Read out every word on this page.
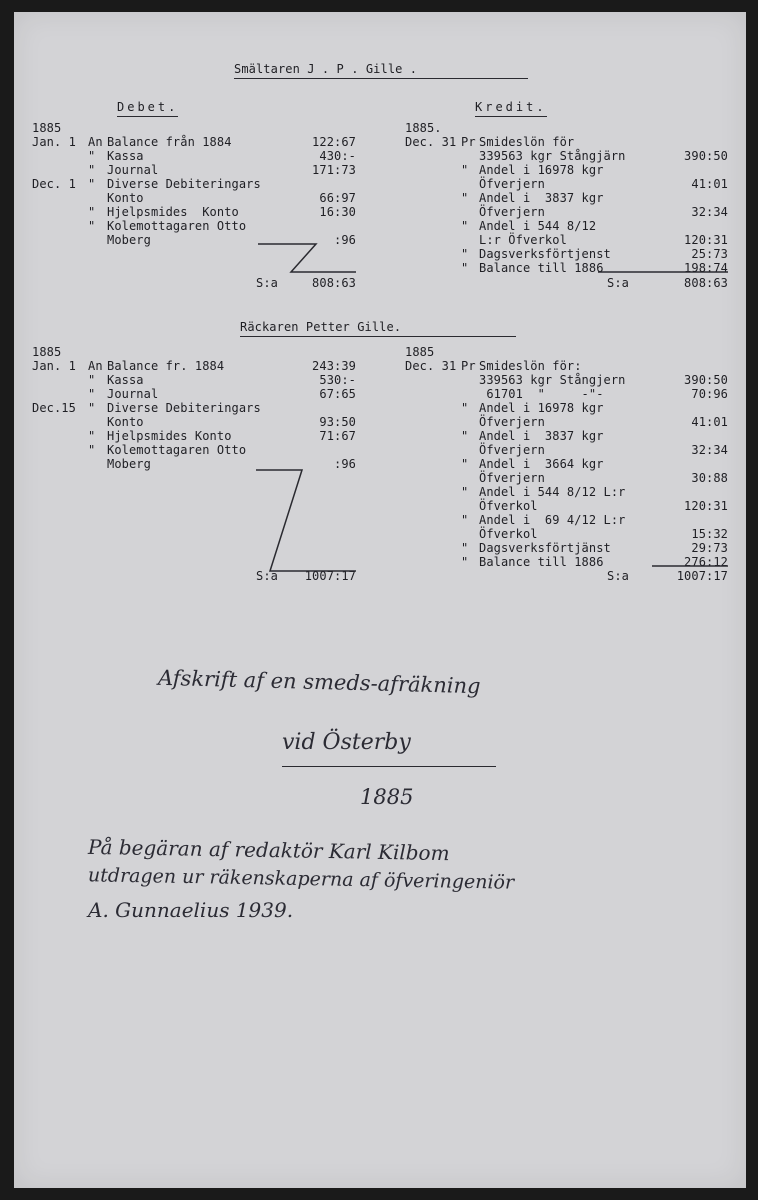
Smältaren J . P . Gille .
Debet.	Kredit.
1885
Jan. 1 An Balance från 1884	122:67
" Kassa	430:-
" Journal	171:73
Dec. 1 " Diverse Debiteringars
Konto	66:97
" Hjelpsmides  Konto	16:30
" Kolemottagaren Otto
Moberg	:96
S:a	808:63
1885.
Dec. 31 Pr Smideslön för
339563 kgr Stångjärn	390:50
" Andel i 16978 kgr
Öfverjern	41:01
" Andel i  3837 kgr
Öfverjern	32:34
" Andel i 544 8/12
L:r Öfverkol	120:31
" Dagsverksförtjenst	25:73
" Balance till 1886	198:74
S:a	808:63
Räckaren Petter Gille.
1885
Jan. 1 An Balance fr. 1884	243:39
" Kassa	530:-
" Journal	67:65
Dec.15 " Diverse Debiteringars
Konto	93:50
" Hjelpsmides Konto	71:67
" Kolemottagaren Otto
Moberg	:96
S:a	1007:17
1885
Dec. 31 Pr Smideslön för:
339563 kgr Stångjern	390:50
61701  "     -"-	70:96
" Andel i 16978 kgr
Öfverjern	41:01
" Andel i  3837 kgr
Öfverjern	32:34
" Andel i  3664 kgr
Öfverjern	30:88
" Andel i 544 8/12 L:r
Öfverkol	120:31
" Andel i  69 4/12 L:r
Öfverkol	15:32
" Dagsverksförtjänst	29:73
" Balance till 1886	276:12
S:a	1007:17
Afskrift af en smeds-afräkning
vid Österby
1885
På begäran af redaktör Karl Kilbom
utdragen ur räkenskaperna af öfveringeniör
A. Gunnaelius 1939.
